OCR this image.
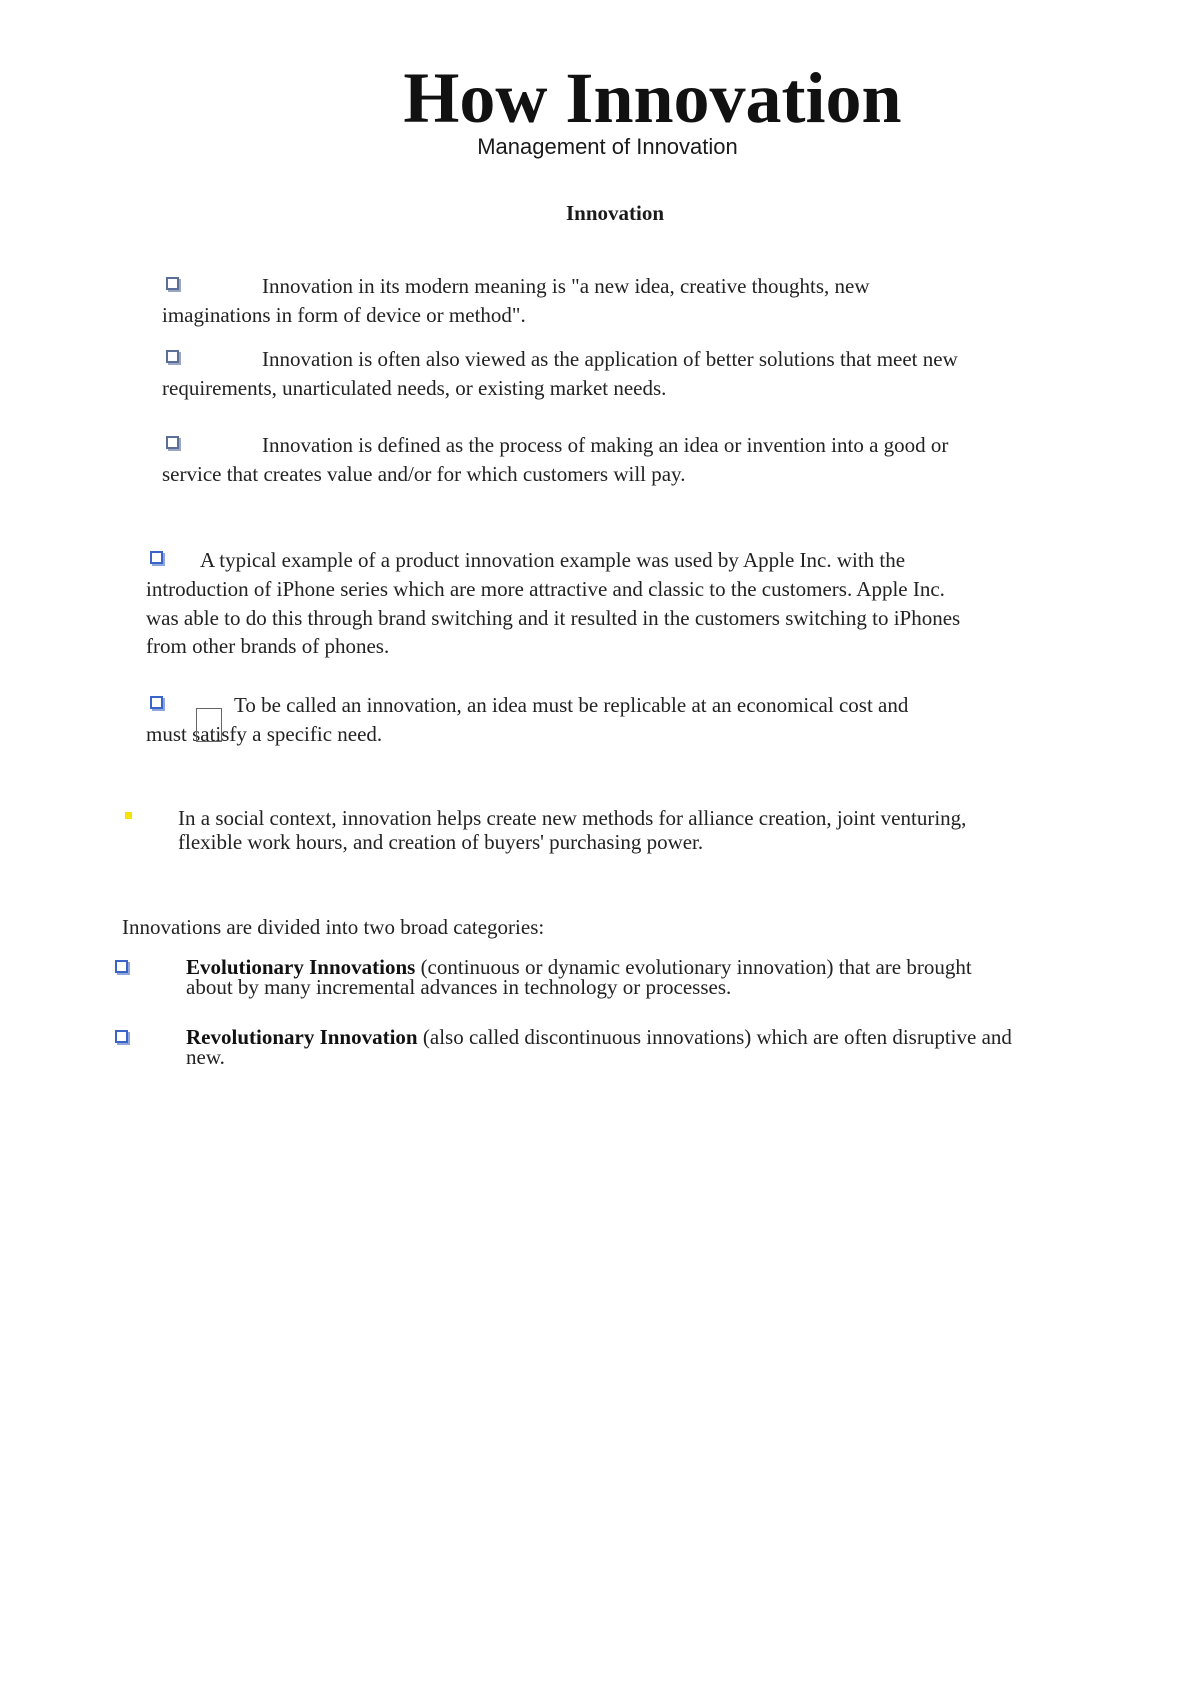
How Innovation
Management of Innovation
Innovation
Innovation in its modern meaning is "a new idea, creative thoughts, new
imaginations in form of device or method".
Innovation is often also viewed as the application of better solutions that meet new
requirements, unarticulated needs, or existing market needs.
Innovation is defined as the process of making an idea or invention into a good or
service that creates value and/or for which customers will pay.
A typical example of a product innovation example was used by Apple Inc. with the
introduction of iPhone series which are more attractive and classic to the customers. Apple Inc.
was able to do this through brand switching and it resulted in the customers switching to iPhones
from other brands of phones.
To be called an innovation, an idea must be replicable at an economical cost and
must satisfy a specific need.
In a social context, innovation helps create new methods for alliance creation, joint venturing,
flexible work hours, and creation of buyers' purchasing power.
Innovations are divided into two broad categories:
Evolutionary Innovations (continuous or dynamic evolutionary innovation) that are brought
about by many incremental advances in technology or processes.
Revolutionary Innovation (also called discontinuous innovations) which are often disruptive and
new.
